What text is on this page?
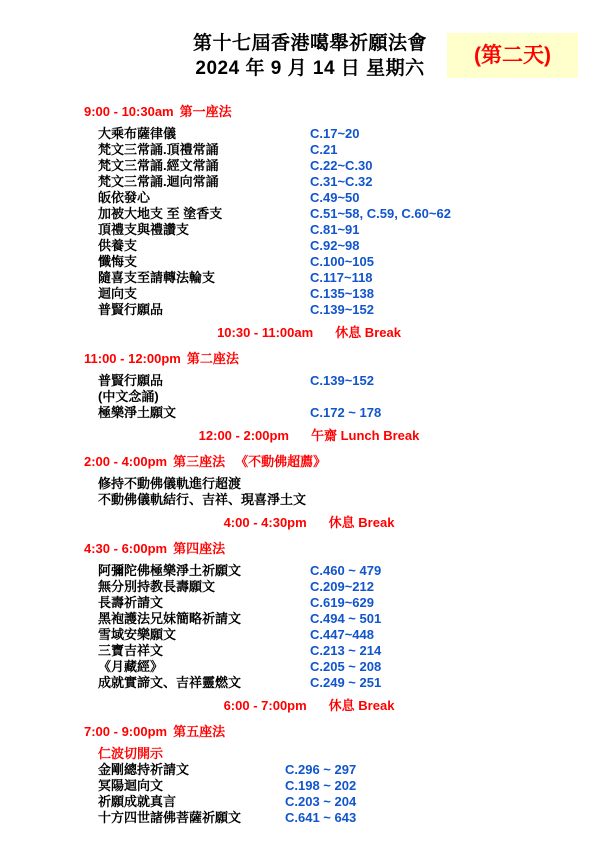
第十七屆香港噶舉祈願法會
2024 年 9 月 14 日 星期六
(第二天)
9:00 - 10:30am 第一座法
大乘布薩律儀	C.17~20
梵文三常誦.頂禮常誦	C.21
梵文三常誦.經文常誦	C.22~C.30
梵文三常誦.迴向常誦	C.31~C.32
皈依發心	C.49~50
加被大地支 至 塗香支	C.51~58, C.59, C.60~62
頂禮支與禮讚支	C.81~91
供養支	C.92~98
懺悔支	C.100~105
隨喜支至請轉法輪支	C.117~118
迴向支	C.135~138
普賢行願品	C.139~152
10:30 - 11:00am 休息 Break
11:00 - 12:00pm 第二座法
普賢行願品	C.139~152
(中文念誦)
極樂淨土願文	C.172 ~ 178
12:00 - 2:00pm 午齋 Lunch Break
2:00 - 4:00pm 第三座法 《不動佛超薦》
修持不動佛儀軌進行超渡
不動佛儀軌結行、吉祥、現喜淨土文
4:00 - 4:30pm 休息 Break
4:30 - 6:00pm 第四座法
阿彌陀佛極樂淨土祈願文	C.460 ~ 479
無分別持教長壽願文	C.209~212
長壽祈請文	C.619~629
黑袍護法兄妹簡略祈請文	C.494 ~ 501
雪域安樂願文	C.447~448
三寶吉祥文	C.213 ~ 214
《月藏經》	C.205 ~ 208
成就實諦文、吉祥靈燃文	C.249 ~ 251
6:00 - 7:00pm 休息 Break
7:00 - 9:00pm 第五座法
仁波切開示
金剛總持祈請文	C.296 ~ 297
冥陽迴向文	C.198 ~ 202
祈願成就真言	C.203 ~ 204
十方四世諸佛菩薩祈願文	C.641 ~ 643
